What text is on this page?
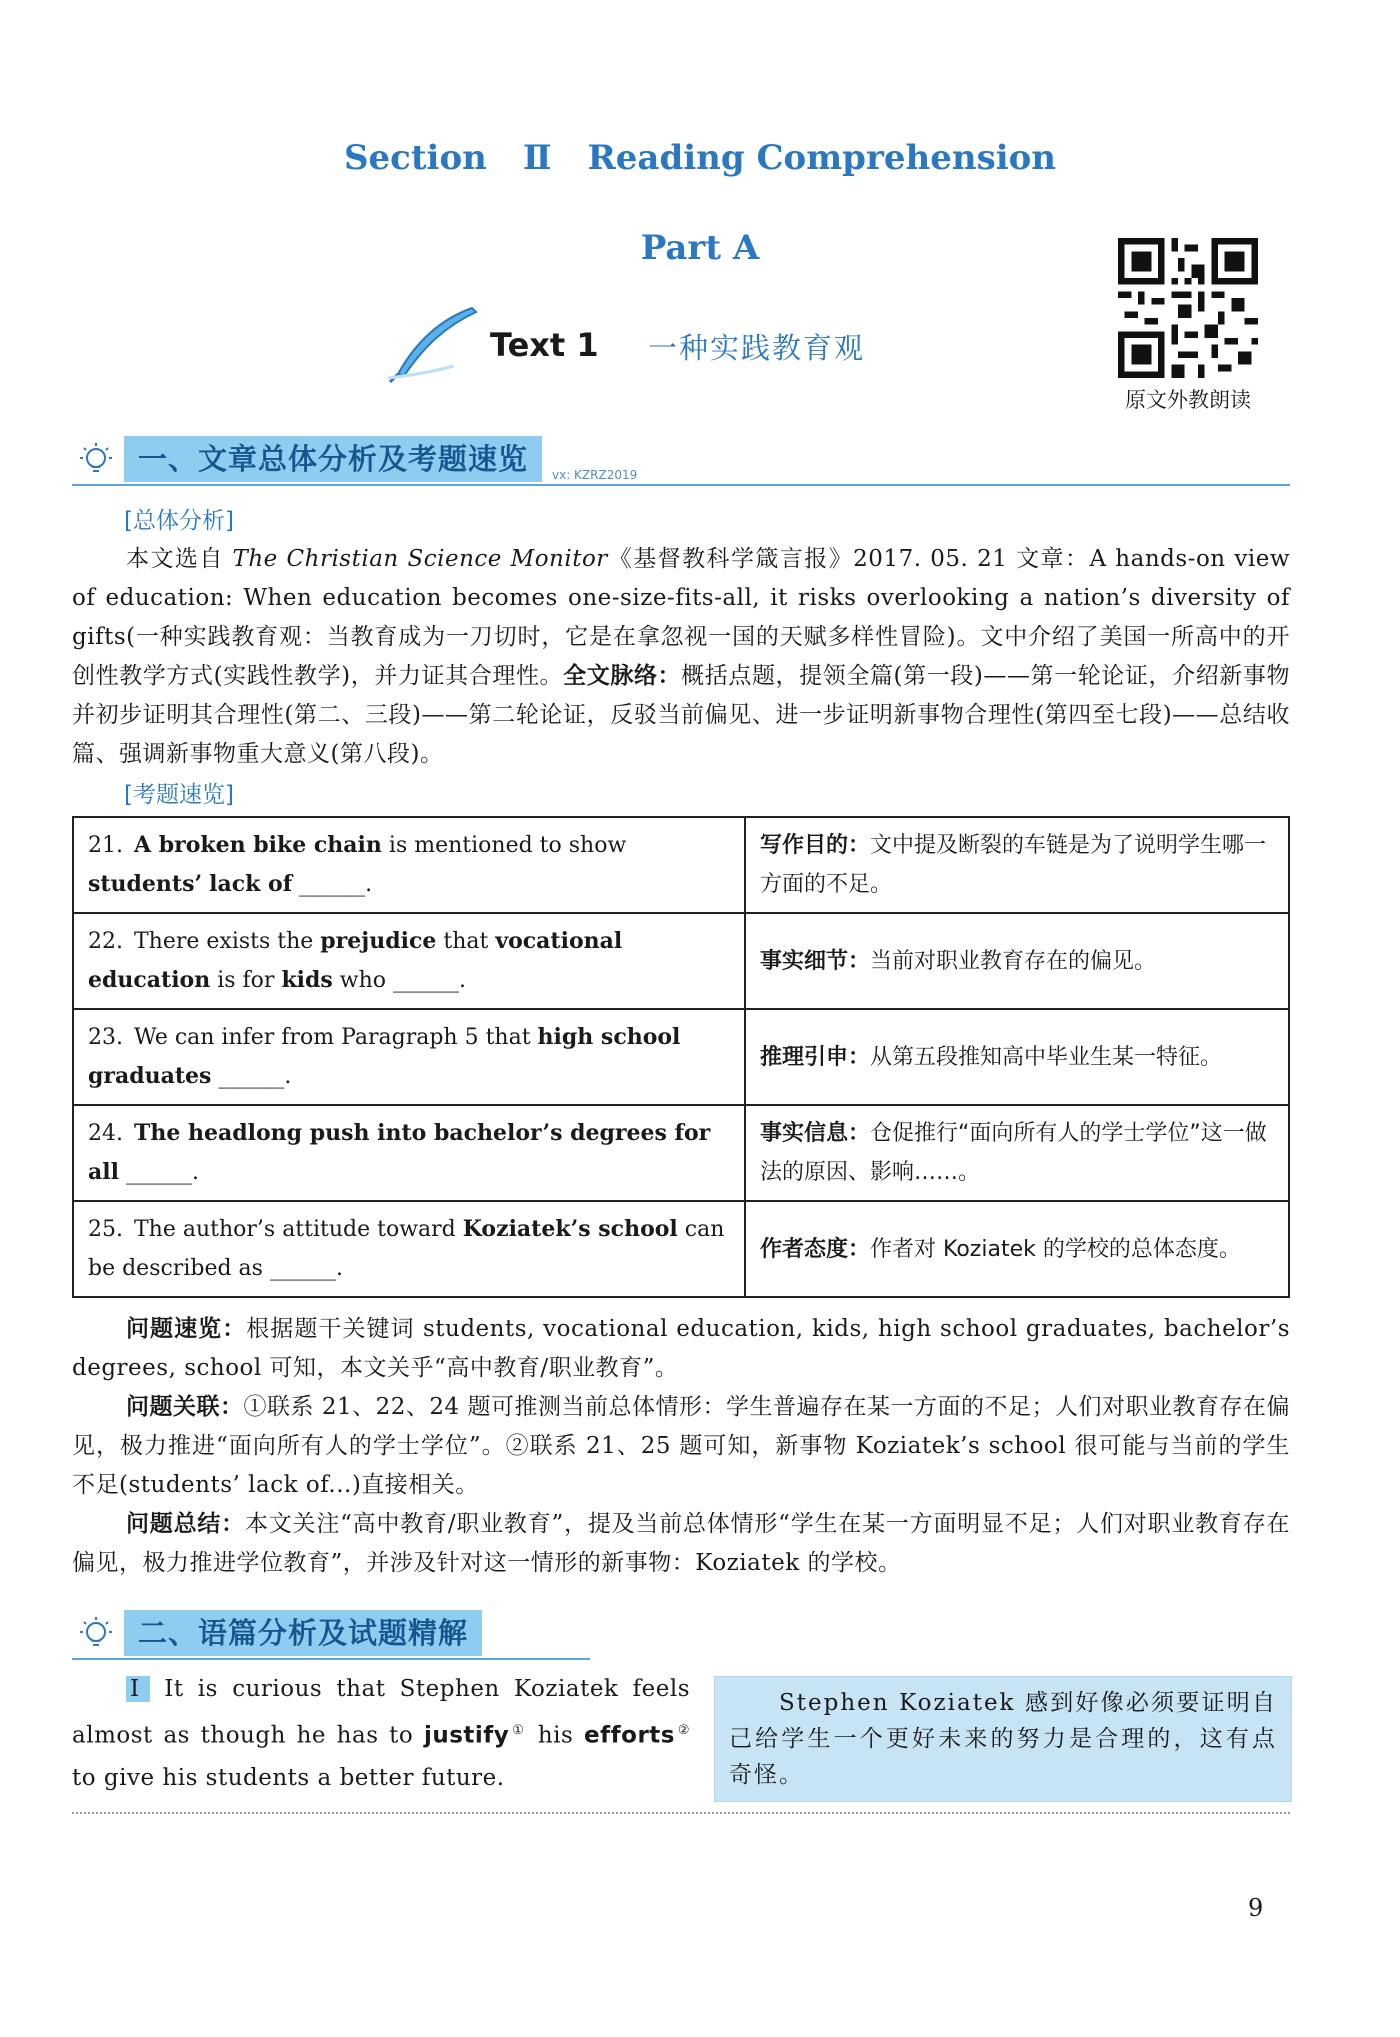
Section Ⅱ Reading Comprehension
Part A
Text 1 一种实践教育观
原文外教朗读
一、文章总体分析及考题速览	vx: KZRZ2019
[总体分析]
本文选自 The Christian Science Monitor《基督教科学箴言报》2017. 05. 21 文章：A hands-on view of education: When education becomes one-size-fits-all, it risks overlooking a nation’s diversity of gifts(一种实践教育观：当教育成为一刀切时，它是在拿忽视一国的天赋多样性冒险)。文中介绍了美国一所高中的开创性教学方式(实践性教学)，并力证其合理性。全文脉络：概括点题，提领全篇(第一段)——第一轮论证，介绍新事物并初步证明其合理性(第二、三段)——第二轮论证，反驳当前偏见、进一步证明新事物合理性(第四至七段)——总结收篇、强调新事物重大意义(第八段)。
[考题速览]
21. A broken bike chain is mentioned to show students’ lack of ______.	写作目的：文中提及断裂的车链是为了说明学生哪一方面的不足。
22. There exists the prejudice that vocational education is for kids who ______.	事实细节：当前对职业教育存在的偏见。
23. We can infer from Paragraph 5 that high school graduates ______.	推理引申：从第五段推知高中毕业生某一特征。
24. The headlong push into bachelor’s degrees for all ______.	事实信息：仓促推行“面向所有人的学士学位”这一做法的原因、影响……。
25. The author’s attitude toward Koziatek’s school can be described as ______.	作者态度：作者对 Koziatek 的学校的总体态度。
问题速览：根据题干关键词 students, vocational education, kids, high school graduates, bachelor’s degrees, school 可知，本文关乎“高中教育/职业教育”。
问题关联：①联系 21、22、24 题可推测当前总体情形：学生普遍存在某一方面的不足；人们对职业教育存在偏见，极力推进“面向所有人的学士学位”。②联系 21、25 题可知，新事物 Koziatek’s school 很可能与当前的学生不足(students’ lack of...)直接相关。
问题总结：本文关注“高中教育/职业教育”，提及当前总体情形“学生在某一方面明显不足；人们对职业教育存在偏见，极力推进学位教育”，并涉及针对这一情形的新事物：Koziatek 的学校。
二、语篇分析及试题精解
Ⅰ It is curious that Stephen Koziatek feels almost as though he has to justify① his efforts② to give his students a better future.
Stephen Koziatek 感到好像必须要证明自己给学生一个更好未来的努力是合理的，这有点奇怪。
9
